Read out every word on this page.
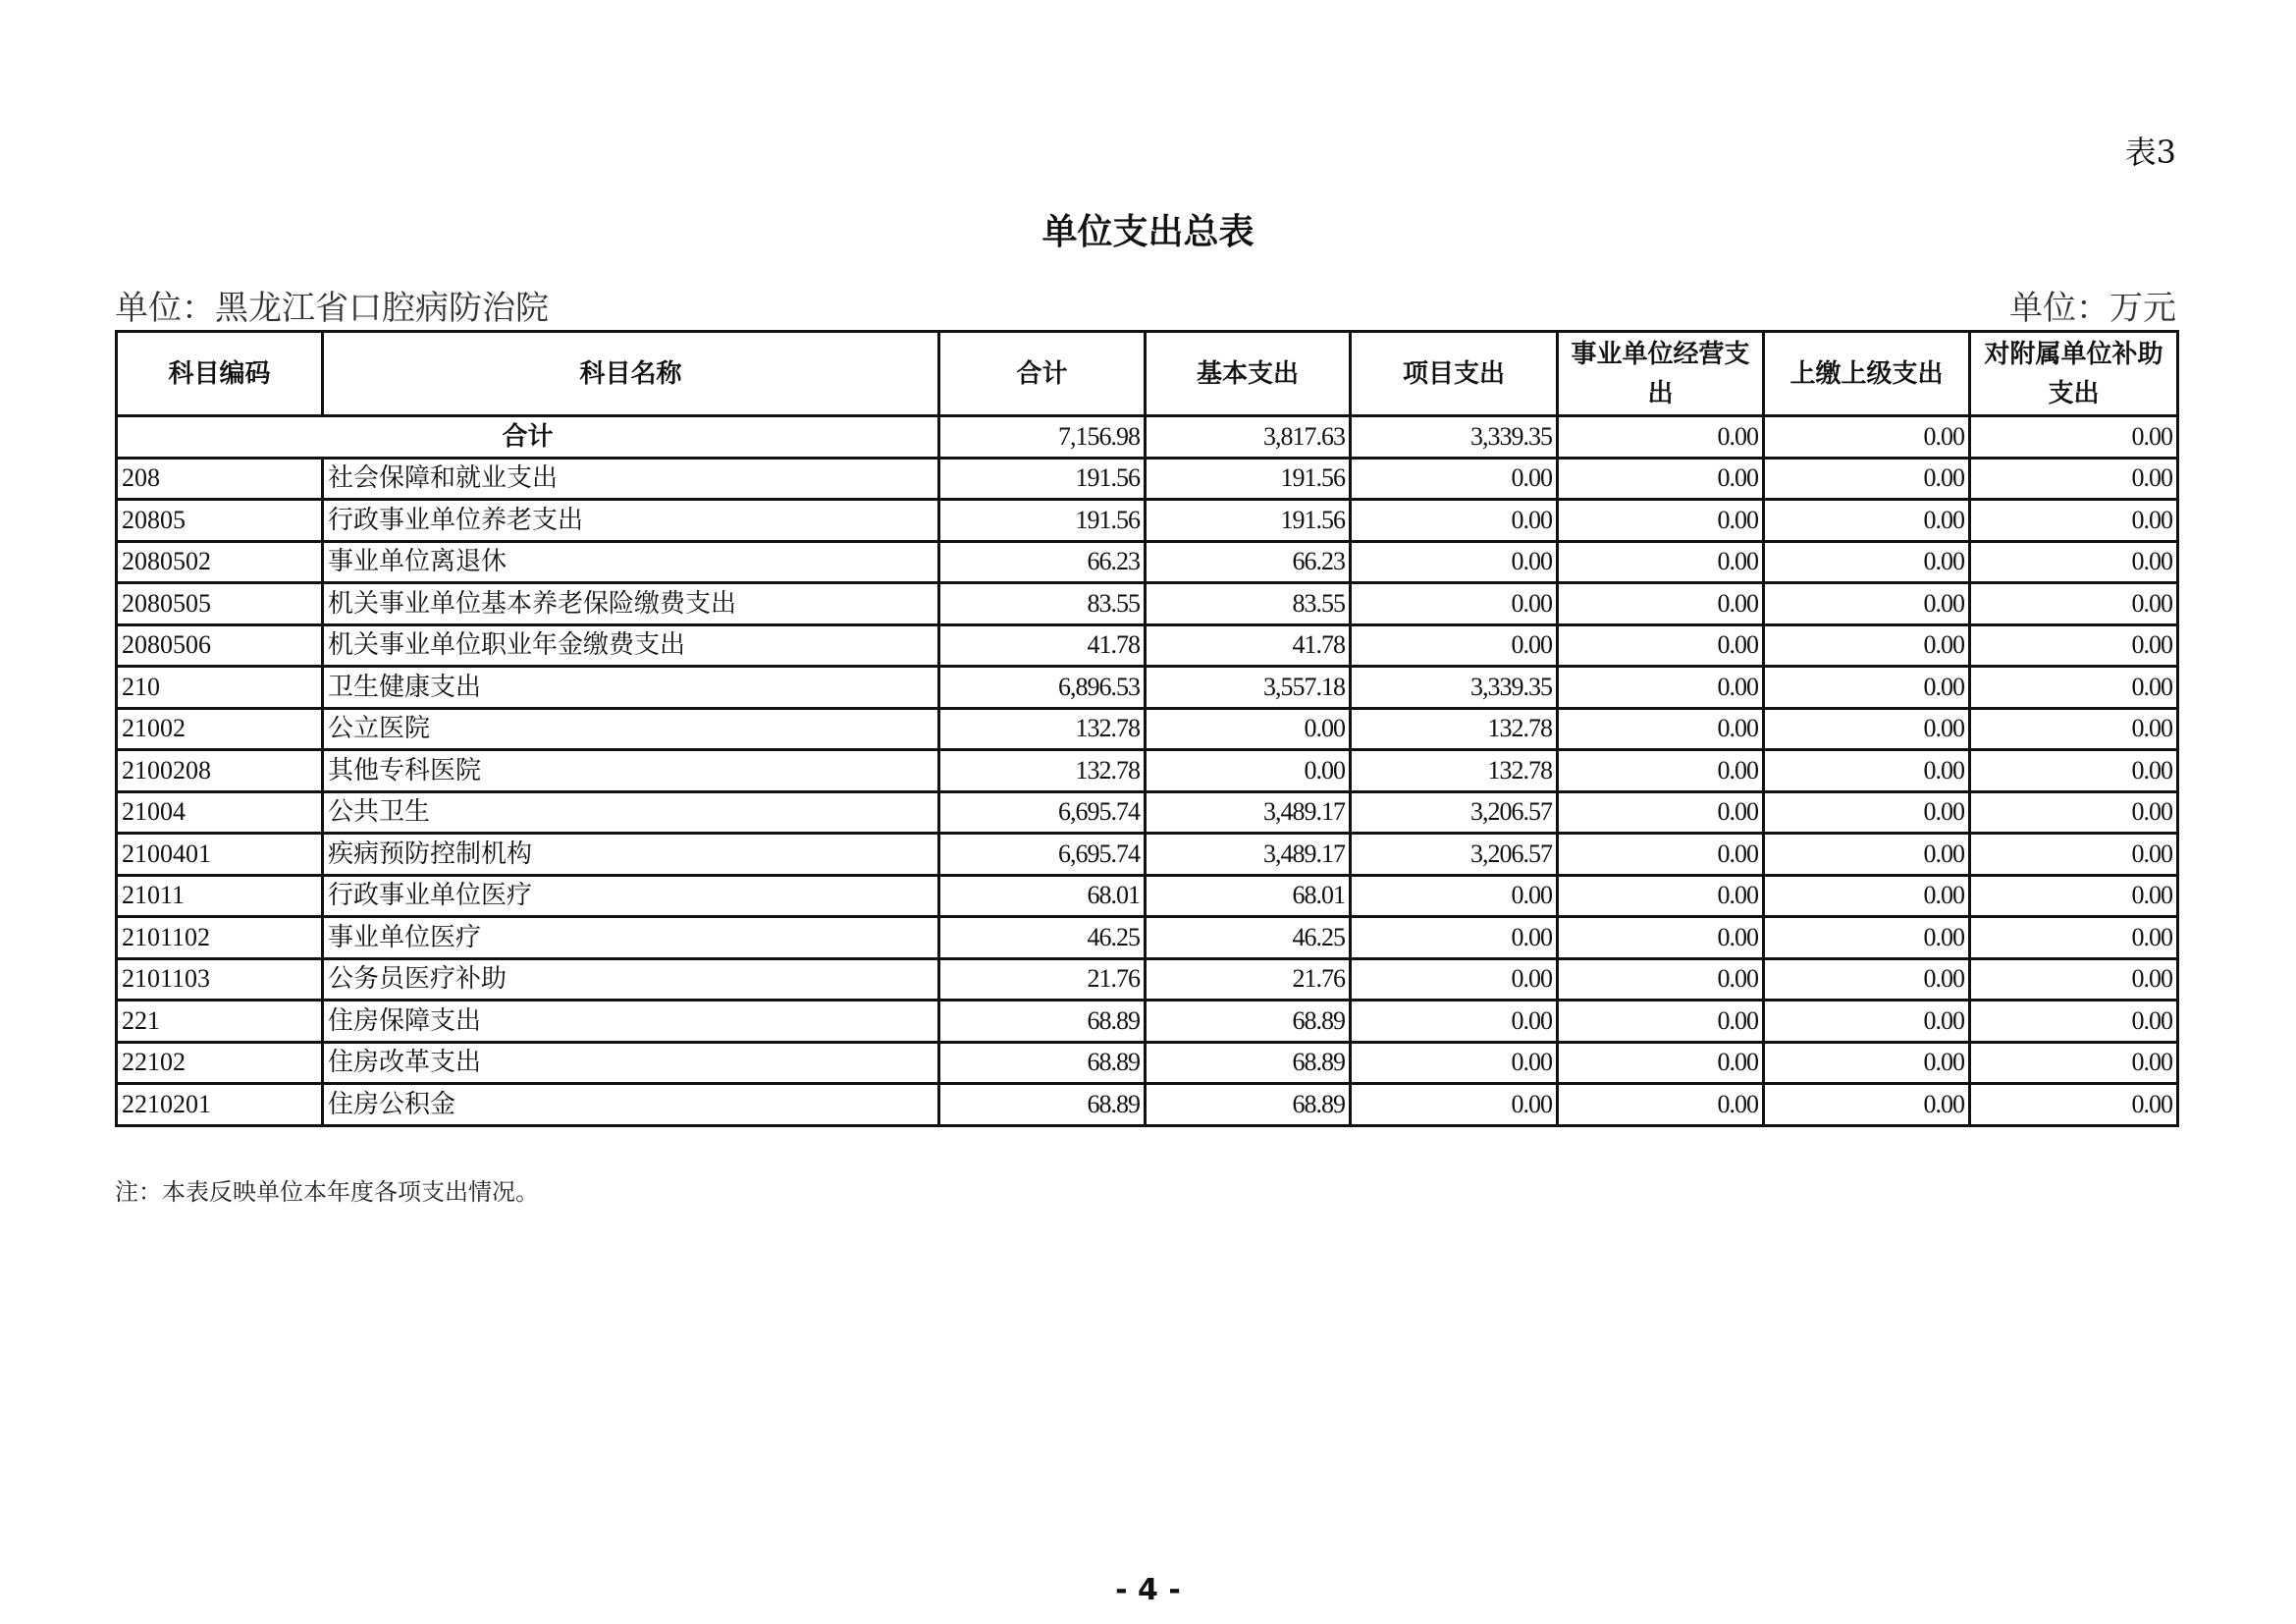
表3
单位支出总表
单位：黑龙江省口腔病防治院	单位：万元
科目编码	科目名称	合计	基本支出	项目支出	事业单位经营支出	上缴上级支出	对附属单位补助支出
合计		7,156.98	3,817.63	3,339.35	0.00	0.00	0.00
208	社会保障和就业支出	191.56	191.56	0.00	0.00	0.00	0.00
20805	行政事业单位养老支出	191.56	191.56	0.00	0.00	0.00	0.00
2080502	事业单位离退休	66.23	66.23	0.00	0.00	0.00	0.00
2080505	机关事业单位基本养老保险缴费支出	83.55	83.55	0.00	0.00	0.00	0.00
2080506	机关事业单位职业年金缴费支出	41.78	41.78	0.00	0.00	0.00	0.00
210	卫生健康支出	6,896.53	3,557.18	3,339.35	0.00	0.00	0.00
21002	公立医院	132.78	0.00	132.78	0.00	0.00	0.00
2100208	其他专科医院	132.78	0.00	132.78	0.00	0.00	0.00
21004	公共卫生	6,695.74	3,489.17	3,206.57	0.00	0.00	0.00
2100401	疾病预防控制机构	6,695.74	3,489.17	3,206.57	0.00	0.00	0.00
21011	行政事业单位医疗	68.01	68.01	0.00	0.00	0.00	0.00
2101102	事业单位医疗	46.25	46.25	0.00	0.00	0.00	0.00
2101103	公务员医疗补助	21.76	21.76	0.00	0.00	0.00	0.00
221	住房保障支出	68.89	68.89	0.00	0.00	0.00	0.00
22102	住房改革支出	68.89	68.89	0.00	0.00	0.00	0.00
2210201	住房公积金	68.89	68.89	0.00	0.00	0.00	0.00
注：本表反映单位本年度各项支出情况。
- 4 -
